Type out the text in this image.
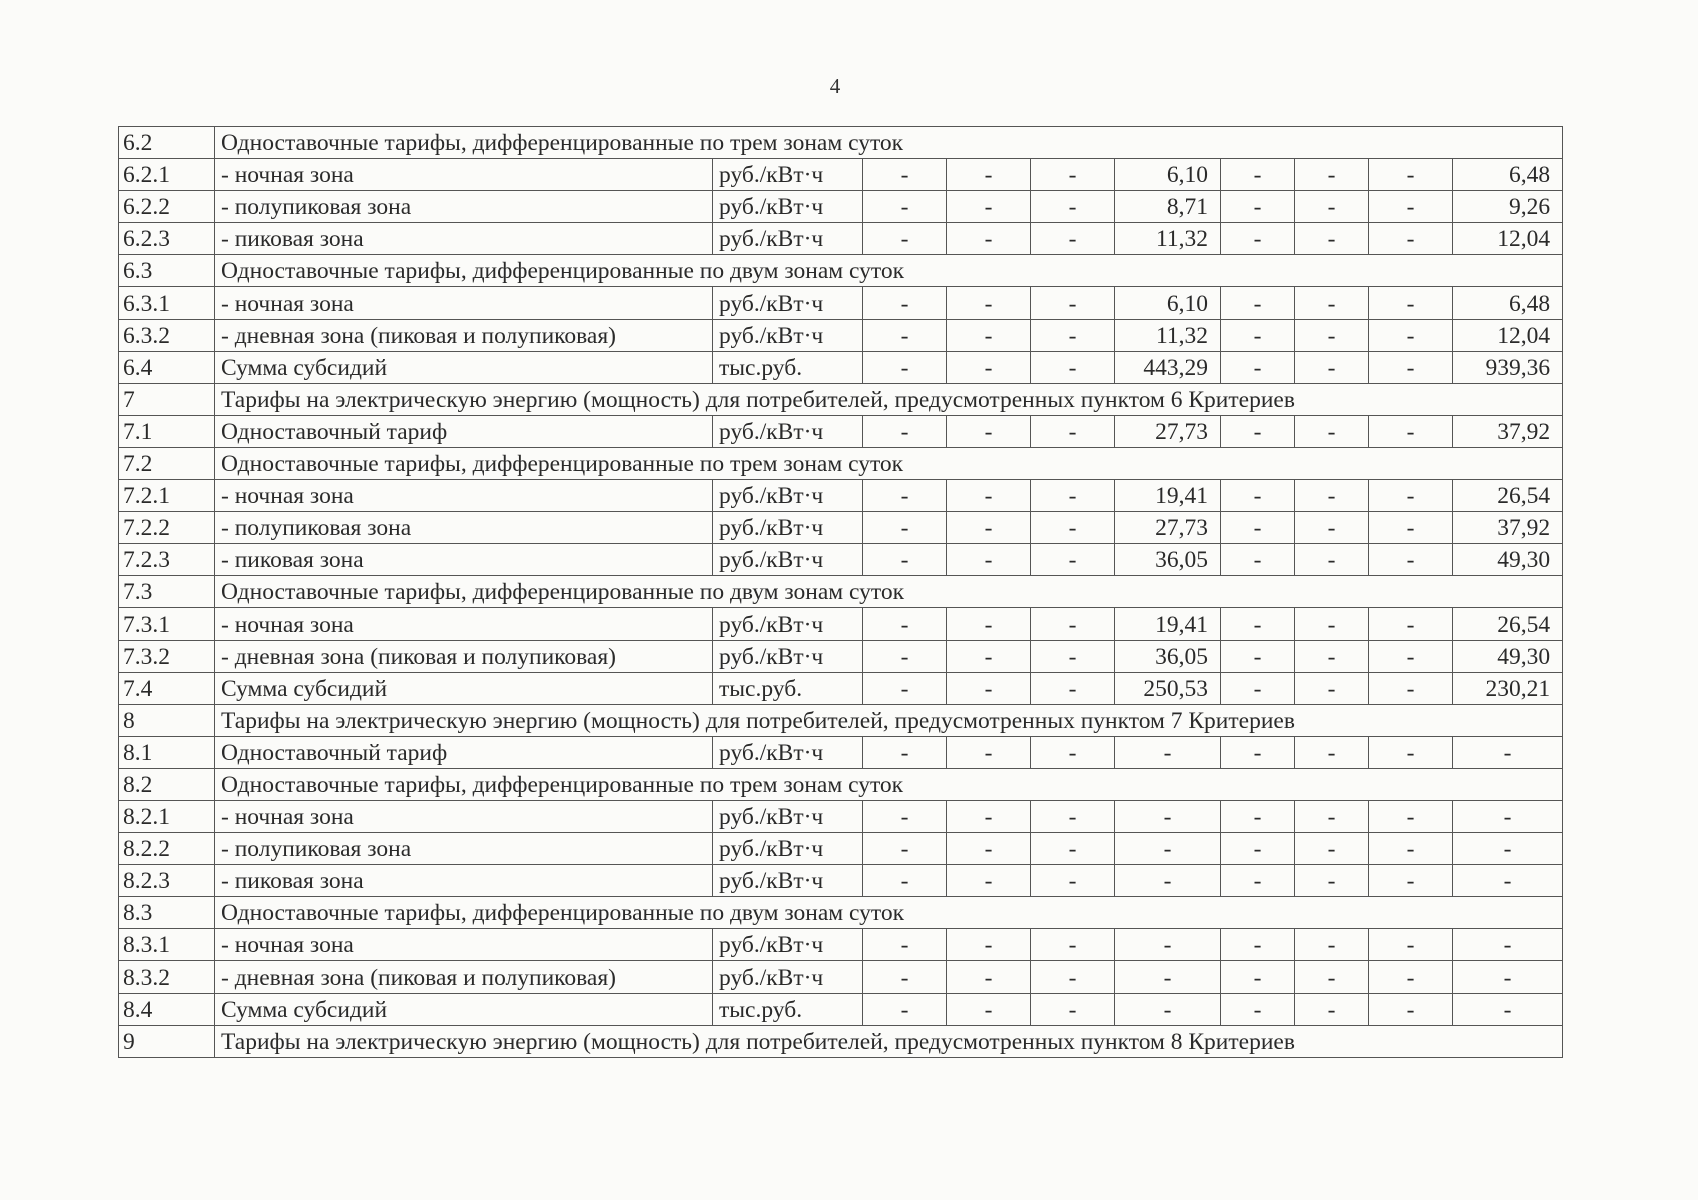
4
6.2	Одноставочные тарифы, дифференцированные по трем зонам суток									
6.2.1	- ночная зона	руб./кВт·ч	-	-	-	6,10	-	-	-	6,48
6.2.2	- полупиковая зона	руб./кВт·ч	-	-	-	8,71	-	-	-	9,26
6.2.3	- пиковая зона	руб./кВт·ч	-	-	-	11,32	-	-	-	12,04
6.3	Одноставочные тарифы, дифференцированные по двум зонам суток									
6.3.1	- ночная зона	руб./кВт·ч	-	-	-	6,10	-	-	-	6,48
6.3.2	- дневная зона (пиковая и полупиковая)	руб./кВт·ч	-	-	-	11,32	-	-	-	12,04
6.4	Сумма субсидий	тыс.руб.	-	-	-	443,29	-	-	-	939,36
7	Тарифы на электрическую энергию (мощность) для потребителей, предусмотренных пунктом 6 Критериев									
7.1	Одноставочный тариф	руб./кВт·ч	-	-	-	27,73	-	-	-	37,92
7.2	Одноставочные тарифы, дифференцированные по трем зонам суток									
7.2.1	- ночная зона	руб./кВт·ч	-	-	-	19,41	-	-	-	26,54
7.2.2	- полупиковая зона	руб./кВт·ч	-	-	-	27,73	-	-	-	37,92
7.2.3	- пиковая зона	руб./кВт·ч	-	-	-	36,05	-	-	-	49,30
7.3	Одноставочные тарифы, дифференцированные по двум зонам суток									
7.3.1	- ночная зона	руб./кВт·ч	-	-	-	19,41	-	-	-	26,54
7.3.2	- дневная зона (пиковая и полупиковая)	руб./кВт·ч	-	-	-	36,05	-	-	-	49,30
7.4	Сумма субсидий	тыс.руб.	-	-	-	250,53	-	-	-	230,21
8	Тарифы на электрическую энергию (мощность) для потребителей, предусмотренных пунктом 7 Критериев									
8.1	Одноставочный тариф	руб./кВт·ч	-	-	-	-	-	-	-	-
8.2	Одноставочные тарифы, дифференцированные по трем зонам суток									
8.2.1	- ночная зона	руб./кВт·ч	-	-	-	-	-	-	-	-
8.2.2	- полупиковая зона	руб./кВт·ч	-	-	-	-	-	-	-	-
8.2.3	- пиковая зона	руб./кВт·ч	-	-	-	-	-	-	-	-
8.3	Одноставочные тарифы, дифференцированные по двум зонам суток									
8.3.1	- ночная зона	руб./кВт·ч	-	-	-	-	-	-	-	-
8.3.2	- дневная зона (пиковая и полупиковая)	руб./кВт·ч	-	-	-	-	-	-	-	-
8.4	Сумма субсидий	тыс.руб.	-	-	-	-	-	-	-	-
9	Тарифы на электрическую энергию (мощность) для потребителей, предусмотренных пунктом 8 Критериев									
